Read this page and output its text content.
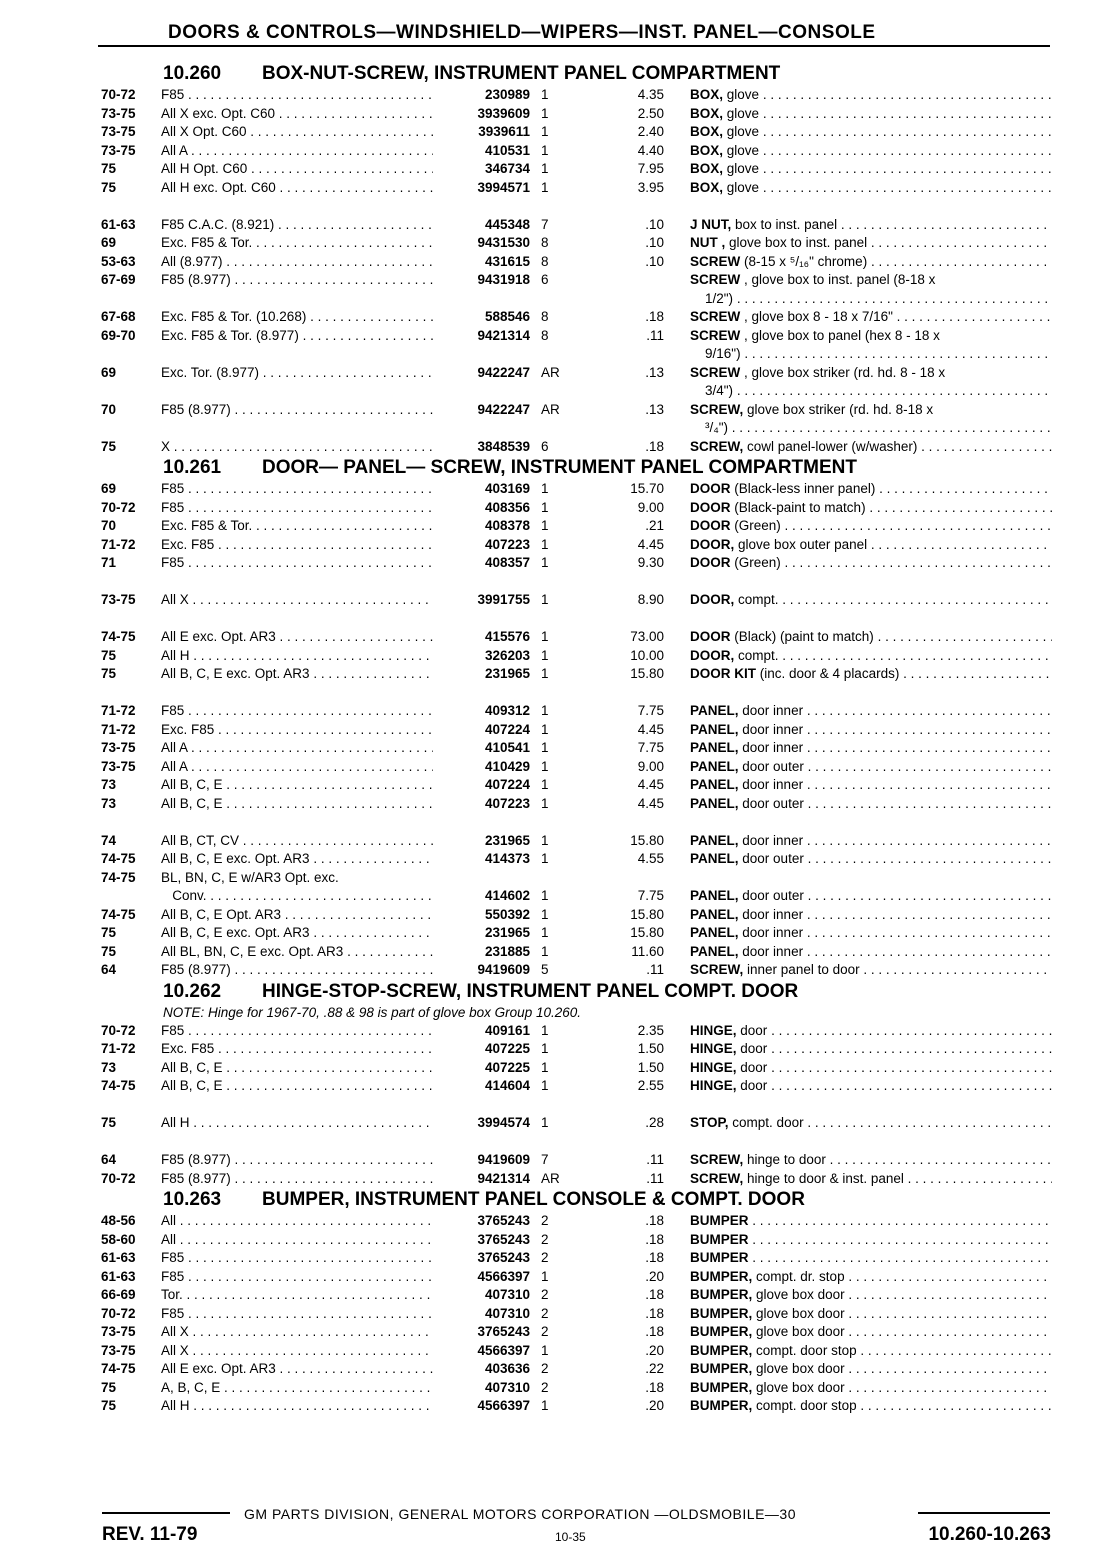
DOORS & CONTROLS—WINDSHIELD—WIPERS—INST. PANEL—CONSOLE
10.260 BOX-NUT-SCREW, INSTRUMENT PANEL COMPARTMENT
70-72 F85 . . .	230989 1	4.35 BOX, glove . . .
73-75 All X exc. Opt. C60 . . .	3939609 1	2.50 BOX, glove . . .
73-75 All X Opt. C60 . . .	3939611 1	2.40 BOX, glove . . .
73-75 All A . . .	410531 1	4.40 BOX, glove . . .
75	All H Opt. C60 . . .	346734 1	7.95 BOX, glove . . .
75	All H exc. Opt. C60 . . .	3994571 1	3.95 BOX, glove . . .
61-63 F85 C.A.C. (8.921) . . .	445348 7	.10 J NUT, box to inst. panel . . .
69	Exc. F85 & Tor. . . .	9431530 8	.10 NUT , glove box to inst. panel . . .
53-63 All (8.977) . . .	431615 8	.10 SCREW (8-15 x ⁵/₁₆" chrome) . . .
67-69 F85 (8.977) . . .	9431918 6	SCREW , glove box to inst. panel (8-18 x
1/2") . . .
67-68 Exc. F85 & Tor. (10.268) . . .	588546 8	.18 SCREW , glove box 8 - 18 x 7/16" . . .
69-70 Exc. F85 & Tor. (8.977) . . .	9421314 8	.11 SCREW , glove box to panel (hex 8 - 18 x
9/16") . . .
69	Exc. Tor. (8.977) . . .	9422247 AR	.13 SCREW , glove box striker (rd. hd. 8 - 18 x
3/4") . . .
70	F85 (8.977) . . .	9422247 AR	.13 SCREW, glove box striker (rd. hd. 8-18 x
³/₄") . . .
75	X . . .	3848539 6	.18 SCREW, cowl panel-lower (w/washer) . . .
10.261 DOOR— PANEL— SCREW, INSTRUMENT PANEL COMPARTMENT
69	F85 . . .	403169 1	15.70 DOOR (Black-less inner panel) . . .
70-72 F85 . . .	408356 1	9.00 DOOR (Black-paint to match) . . .
70	Exc. F85 & Tor. . . .	408378 1	.21 DOOR (Green) . . .
71-72 Exc. F85 . . .	407223 1	4.45 DOOR, glove box outer panel . . .
71	F85 . . .	408357 1	9.30 DOOR (Green) . . .
73-75 All X . . .	3991755 1	8.90 DOOR, compt. . . .
74-75 All E exc. Opt. AR3 . . .	415576 1	73.00 DOOR (Black) (paint to match) . . .
75	All H . . .	326203 1	10.00 DOOR, compt. . . .
75	All B, C, E exc. Opt. AR3 . . .	231965 1	15.80 DOOR KIT (inc. door & 4 placards) . . .
71-72 F85 . . .	409312 1	7.75 PANEL, door inner . . .
71-72 Exc. F85 . . .	407224 1	4.45 PANEL, door inner . . .
73-75 All A . . .	410541 1	7.75 PANEL, door inner . . .
73-75 All A . . .	410429 1	9.00 PANEL, door outer . . .
73	All B, C, E . . .	407224 1	4.45 PANEL, door inner . . .
73	All B, C, E . . .	407223 1	4.45 PANEL, door outer . . .
74	All B, CT, CV . . .	231965 1	15.80 PANEL, door inner . . .
74-75 All B, C, E exc. Opt. AR3 . . .	414373 1	4.55 PANEL, door outer . . .
74-75 BL, BN, C, E w/AR3 Opt. exc.
Conv. . . .	414602 1	7.75 PANEL, door outer . . .
74-75 All B, C, E Opt. AR3 . . .	550392 1	15.80 PANEL, door inner . . .
75	All B, C, E exc. Opt. AR3 . . .	231965 1	15.80 PANEL, door inner . . .
75	All BL, BN, C, E exc. Opt. AR3 . . .	231885 1	11.60 PANEL, door inner . . .
64	F85 (8.977) . . .	9419609 5	.11 SCREW, inner panel to door . . .
10.262 HINGE-STOP-SCREW, INSTRUMENT PANEL COMPT. DOOR
NOTE: Hinge for 1967-70, .88 & 98 is part of glove box Group 10.260.
70-72 F85 . . .	409161 1	2.35 HINGE, door . . .
71-72 Exc. F85 . . .	407225 1	1.50 HINGE, door . . .
73	All B, C, E . . .	407225 1	1.50 HINGE, door . . .
74-75 All B, C, E . . .	414604 1	2.55 HINGE, door . . .
75	All H . . .	3994574 1	.28 STOP, compt. door . . .
64	F85 (8.977) . . .	9419609 7	.11 SCREW, hinge to door . . .
70-72 F85 (8.977) . . .	9421314 AR	.11 SCREW, hinge to door & inst. panel . . .
10.263 BUMPER, INSTRUMENT PANEL CONSOLE & COMPT. DOOR
48-56 All . . .	3765243 2	.18 BUMPER . . .
58-60 All . . .	3765243 2	.18 BUMPER . . .
61-63 F85 . . .	3765243 2	.18 BUMPER . . .
61-63 F85 . . .	4566397 1	.20 BUMPER, compt. dr. stop . . .
66-69 Tor. . . .	407310 2	.18 BUMPER, glove box door . . .
70-72 F85 . . .	407310 2	.18 BUMPER, glove box door . . .
73-75 All X . . .	3765243 2	.18 BUMPER, glove box door . . .
73-75 All X . . .	4566397 1	.20 BUMPER, compt. door stop . . .
74-75 All E exc. Opt. AR3 . . .	403636 2	.22 BUMPER, glove box door . . .
75	A, B, C, E . . .	407310 2	.18 BUMPER, glove box door . . .
75	All H . . .	4566397 1	.20 BUMPER, compt. door stop . . .
GM PARTS DIVISION, GENERAL MOTORS CORPORATION —OLDSMOBILE—30
REV. 11-79	10-35	10.260-10.263
